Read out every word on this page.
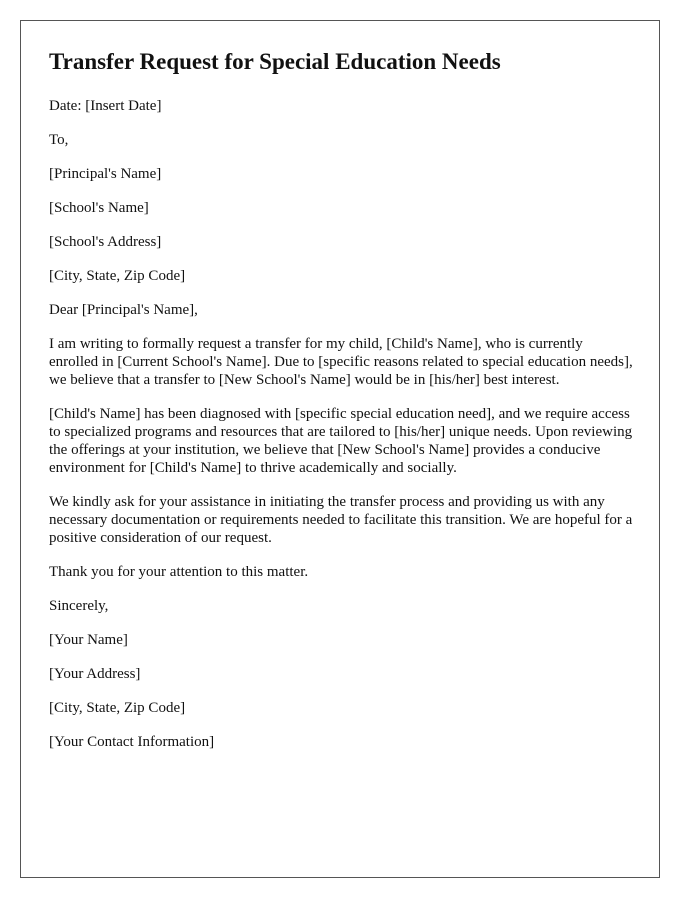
Transfer Request for Special Education Needs
Date: [Insert Date]
To,
[Principal's Name]
[School's Name]
[School's Address]
[City, State, Zip Code]
Dear [Principal's Name],

I am writing to formally request a transfer for my child, [Child's Name], who is currently enrolled in [Current School's Name]. Due to [specific reasons related to special education needs], we believe that a transfer to [New School's Name] would be in [his/her] best interest.

[Child's Name] has been diagnosed with [specific special education need], and we require access to specialized programs and resources that are tailored to [his/her] unique needs. Upon reviewing the offerings at your institution, we believe that [New School's Name] provides a conducive environment for [Child's Name] to thrive academically and socially.

We kindly ask for your assistance in initiating the transfer process and providing us with any necessary documentation or requirements needed to facilitate this transition. We are hopeful for a positive consideration of our request.

Thank you for your attention to this matter.
Sincerely,
[Your Name]
[Your Address]
[City, State, Zip Code]
[Your Contact Information]
